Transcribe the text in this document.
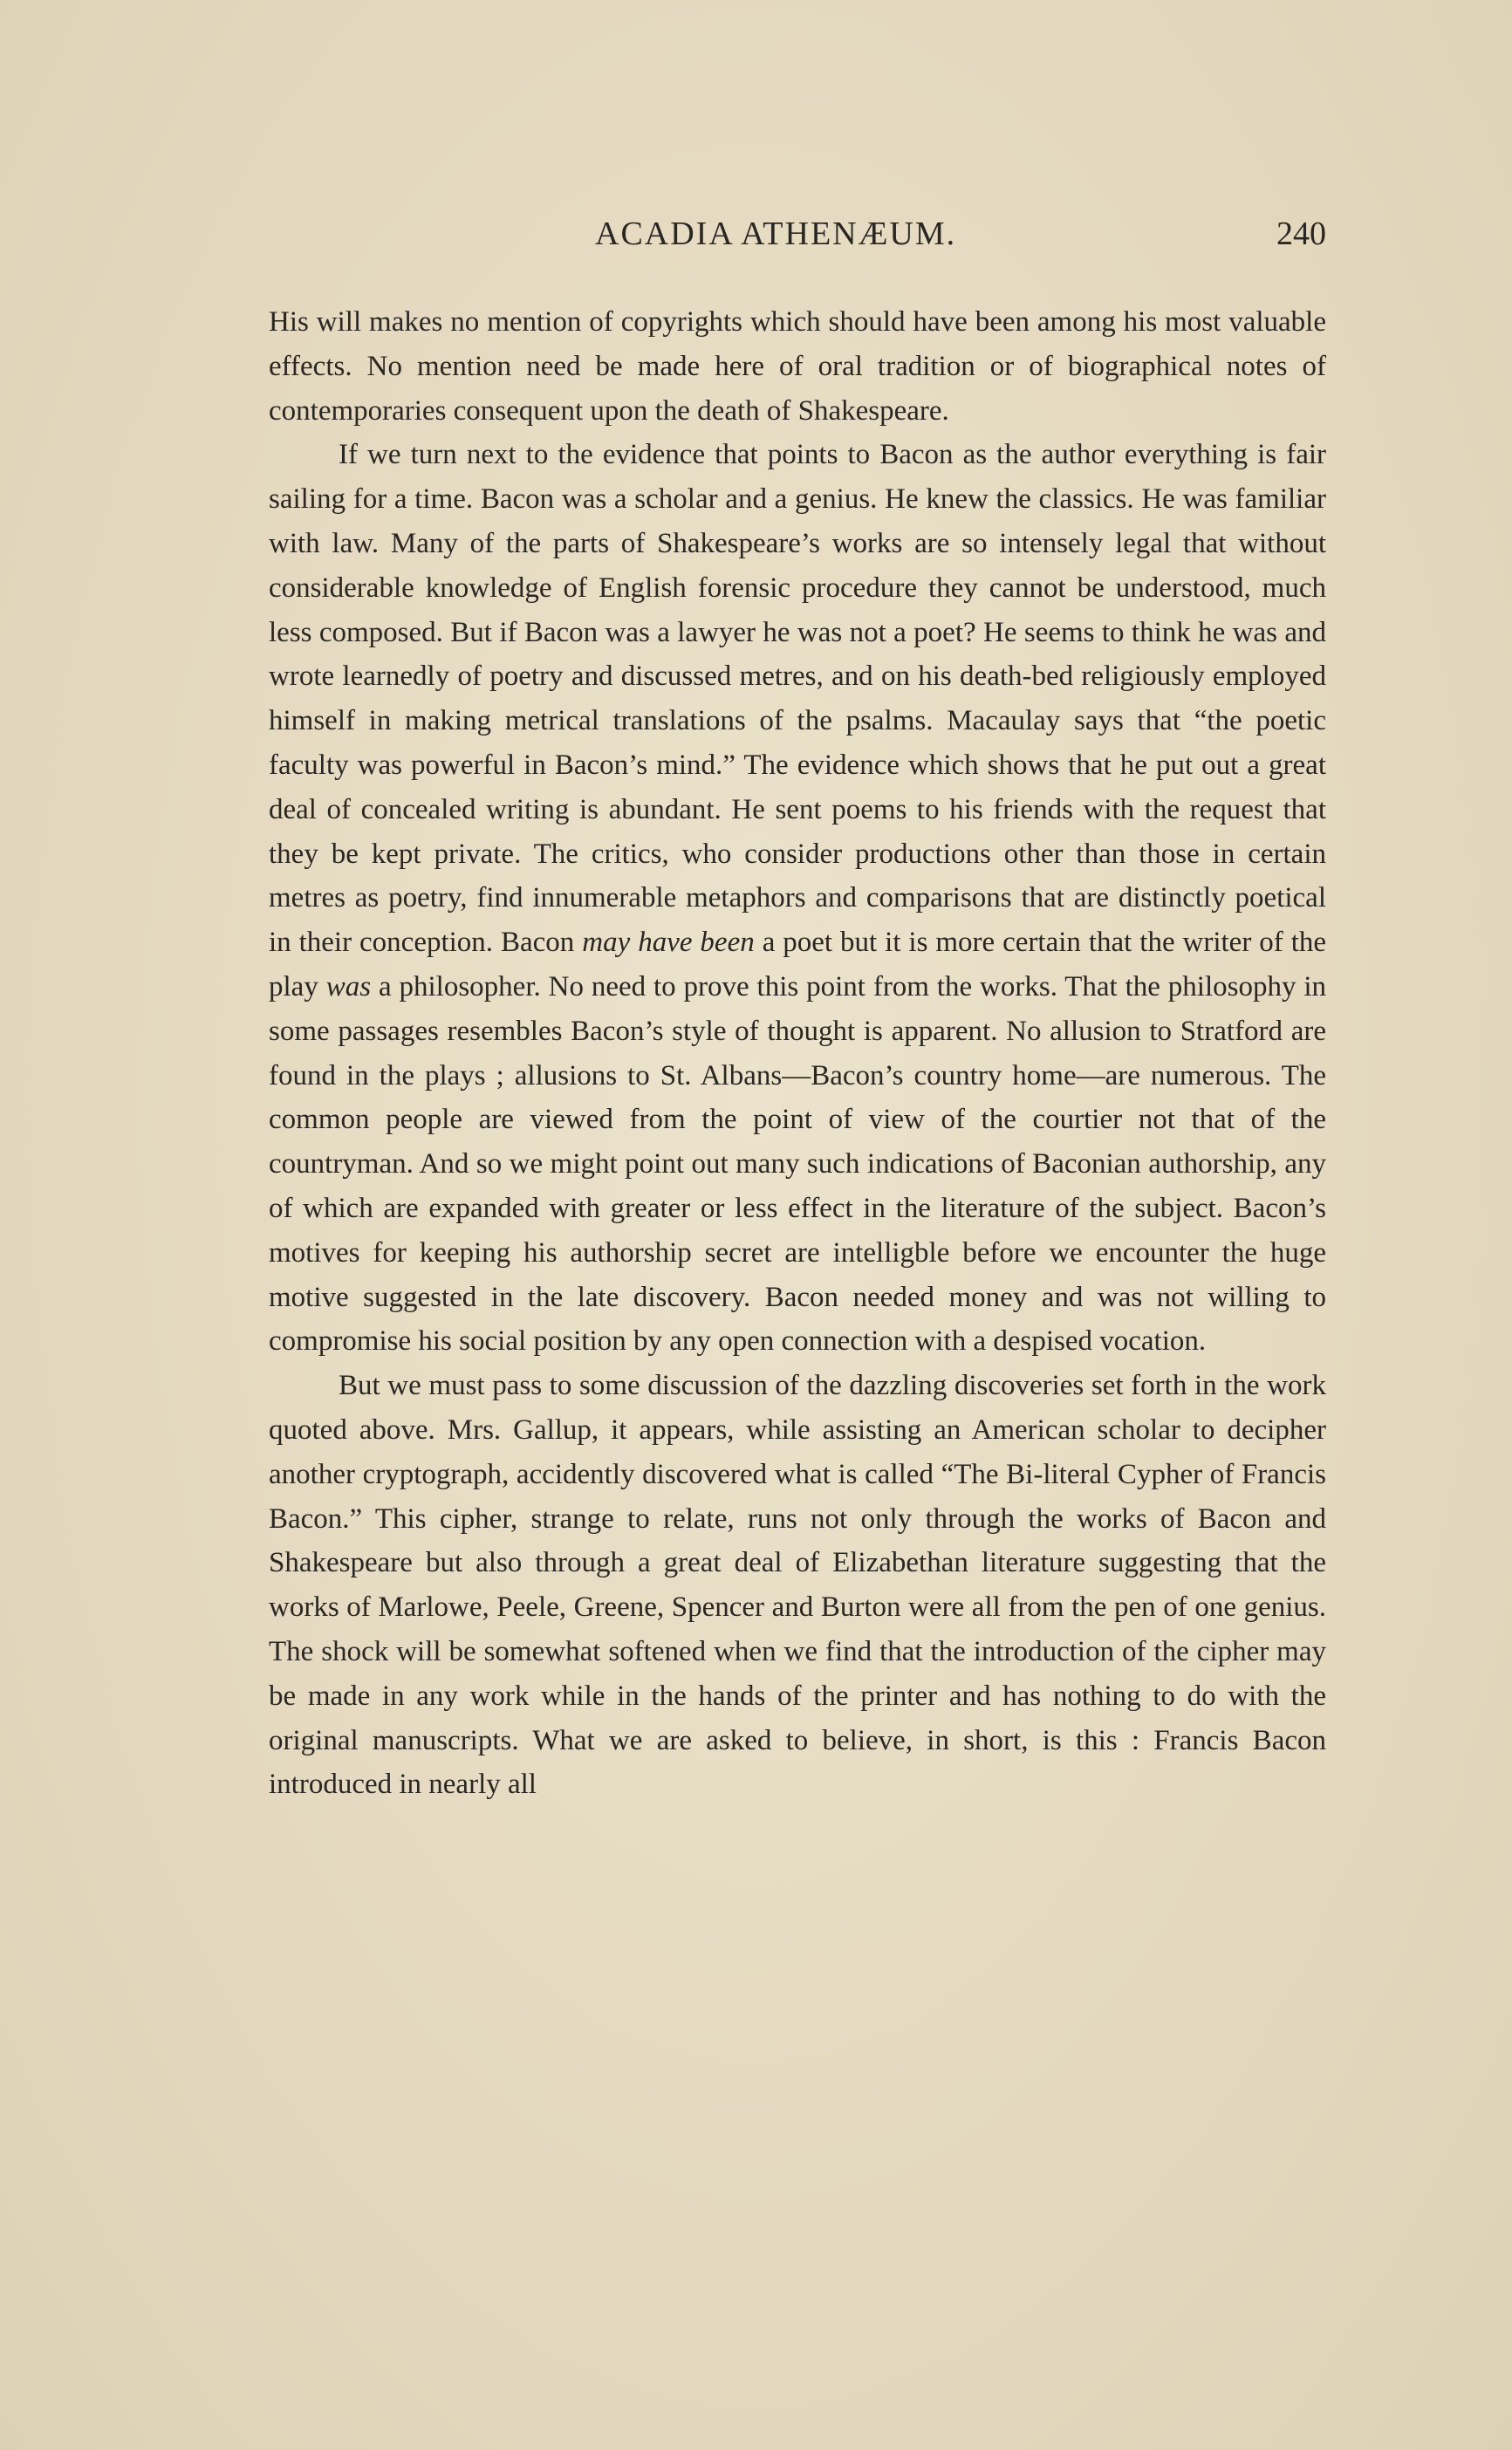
ACADIA ATHENÆUM.	240

His will makes no mention of copyrights which should have been among his most valuable effects. No mention need be made here of oral tradition or of biographical notes of contemporaries consequent upon the death of Shakespeare.

If we turn next to the evidence that points to Bacon as the author everything is fair sailing for a time. Bacon was a scholar and a genius. He knew the classics. He was familiar with law. Many of the parts of Shakespeare’s works are so intensely legal that without considerable knowledge of English forensic procedure they cannot be understood, much less composed. But if Bacon was a lawyer he was not a poet? He seems to think he was and wrote learnedly of poetry and discussed metres, and on his death-bed religiously employed himself in making metrical translations of the psalms. Macaulay says that “the poetic faculty was powerful in Bacon’s mind.” The evidence which shows that he put out a great deal of concealed writing is abundant. He sent poems to his friends with the request that they be kept private. The critics, who consider productions other than those in certain metres as poetry, find innumerable metaphors and comparisons that are distinctly poetical in their conception. Bacon may have been a poet but it is more certain that the writer of the play was a philosopher. No need to prove this point from the works. That the philosophy in some passages resembles Bacon’s style of thought is apparent. No allusion to Stratford are found in the plays ; allusions to St. Albans—Bacon’s country home—are numerous. The common people are viewed from the point of view of the courtier not that of the countryman. And so we might point out many such indications of Baconian authorship, any of which are expanded with greater or less effect in the literature of the subject. Bacon’s motives for keeping his authorship secret are intelligble before we encounter the huge motive suggested in the late discovery. Bacon needed money and was not willing to compromise his social position by any open connection with a despised vocation.

But we must pass to some discussion of the dazzling discoveries set forth in the work quoted above. Mrs. Gallup, it appears, while assisting an American scholar to decipher another cryptograph, accidently discovered what is called “The Bi-literal Cypher of Francis Bacon.” This cipher, strange to relate, runs not only through the works of Bacon and Shakespeare but also through a great deal of Elizabethan literature suggesting that the works of Marlowe, Peele, Greene, Spencer and Burton were all from the pen of one genius. The shock will be somewhat softened when we find that the introduction of the cipher may be made in any work while in the hands of the printer and has nothing to do with the original manuscripts. What we are asked to believe, in short, is this : Francis Bacon introduced in nearly all
